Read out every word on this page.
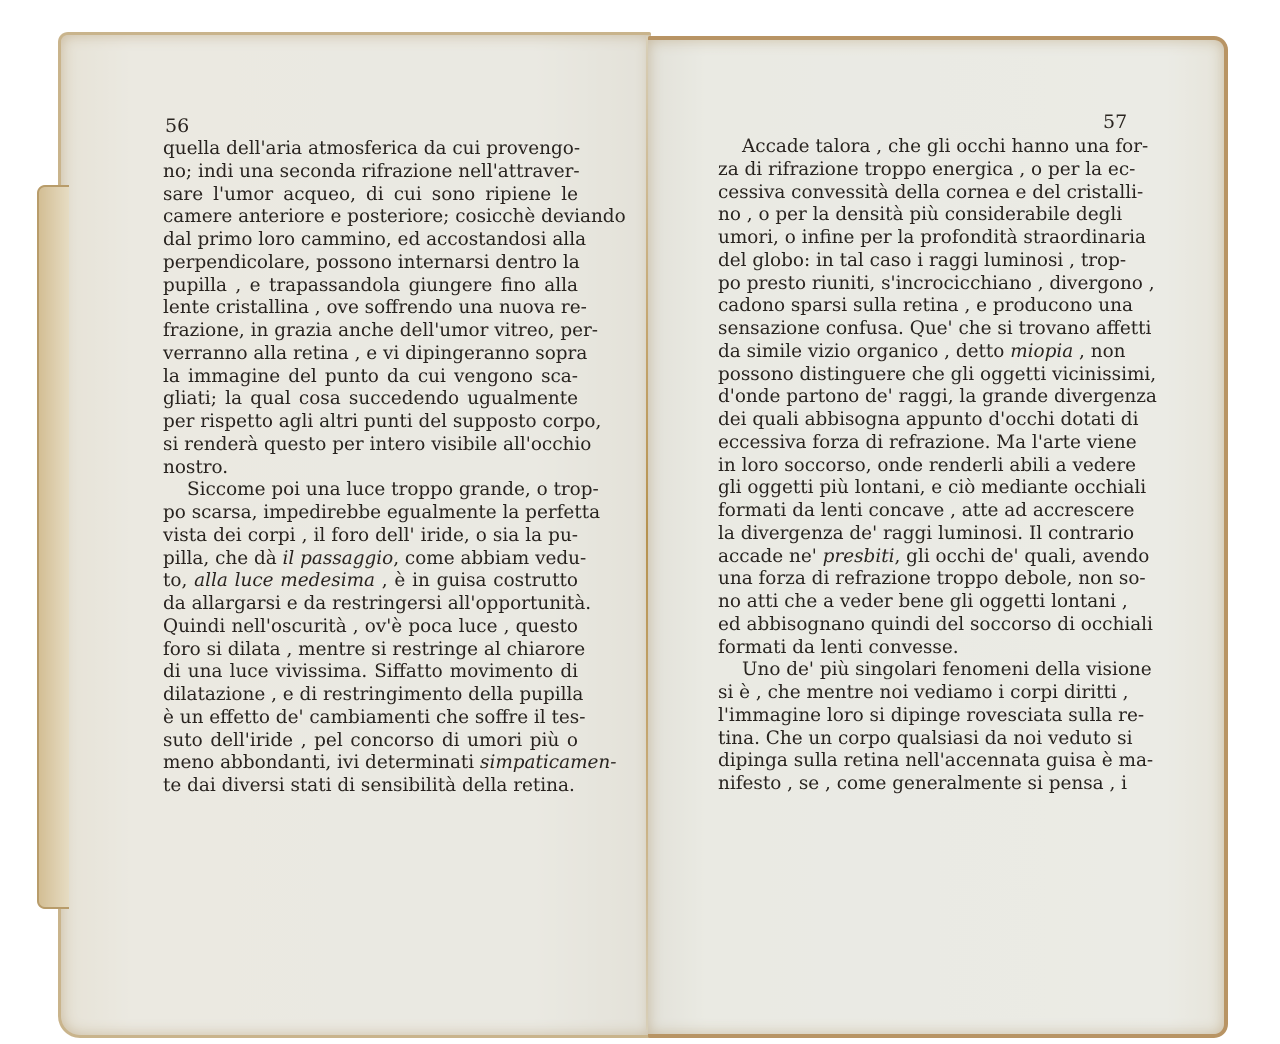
56	57
quella dell'aria atmosferica da cui provengo-
no; indi una seconda rifrazione nell'attraver-
sare l'umor acqueo, di cui sono ripiene le
camere anteriore e posteriore; cosicchè deviando
dal primo loro cammino, ed accostandosi alla
perpendicolare, possono internarsi dentro la
pupilla , e trapassandola giungere fino alla
lente cristallina , ove soffrendo una nuova re-
frazione, in grazia anche dell'umor vitreo, per-
verranno alla retina , e vi dipingeranno sopra
la immagine del punto da cui vengono sca-
gliati; la qual cosa succedendo ugualmente
per rispetto agli altri punti del supposto corpo,
si renderà questo per intero visibile all'occhio
nostro.
Siccome poi una luce troppo grande, o trop-
po scarsa, impedirebbe egualmente la perfetta
vista dei corpi , il foro dell' iride, o sia la pu-
pilla, che dà il passaggio, come abbiam vedu-
to, alla luce medesima , è in guisa costrutto
da allargarsi e da restringersi all'opportunità.
Quindi nell'oscurità , ov'è poca luce , questo
foro si dilata , mentre si restringe al chiarore
di una luce vivissima. Siffatto movimento di
dilatazione , e di restringimento della pupilla
è un effetto de' cambiamenti che soffre il tes-
suto dell'iride , pel concorso di umori più o
meno abbondanti, ivi determinati simpaticamen-
te dai diversi stati di sensibilità della retina.
Accade talora , che gli occhi hanno una for-
za di rifrazione troppo energica , o per la ec-
cessiva convessità della cornea e del cristalli-
no , o per la densità più considerabile degli
umori, o infine per la profondità straordinaria
del globo: in tal caso i raggi luminosi , trop-
po presto riuniti, s'incrocicchiano , divergono ,
cadono sparsi sulla retina , e producono una
sensazione confusa. Que' che si trovano affetti
da simile vizio organico , detto miopia , non
possono distinguere che gli oggetti vicinissimi,
d'onde partono de' raggi, la grande divergenza
dei quali abbisogna appunto d'occhi dotati di
eccessiva forza di refrazione. Ma l'arte viene
in loro soccorso, onde renderli abili a vedere
gli oggetti più lontani, e ciò mediante occhiali
formati da lenti concave , atte ad accrescere
la divergenza de' raggi luminosi. Il contrario
accade ne' presbiti, gli occhi de' quali, avendo
una forza di refrazione troppo debole, non so-
no atti che a veder bene gli oggetti lontani ,
ed abbisognano quindi del soccorso di occhiali
formati da lenti convesse.
Uno de' più singolari fenomeni della visione
si è , che mentre noi vediamo i corpi diritti ,
l'immagine loro si dipinge rovesciata sulla re-
tina. Che un corpo qualsiasi da noi veduto si
dipinga sulla retina nell'accennata guisa è ma-
nifesto , se , come generalmente si pensa , i
